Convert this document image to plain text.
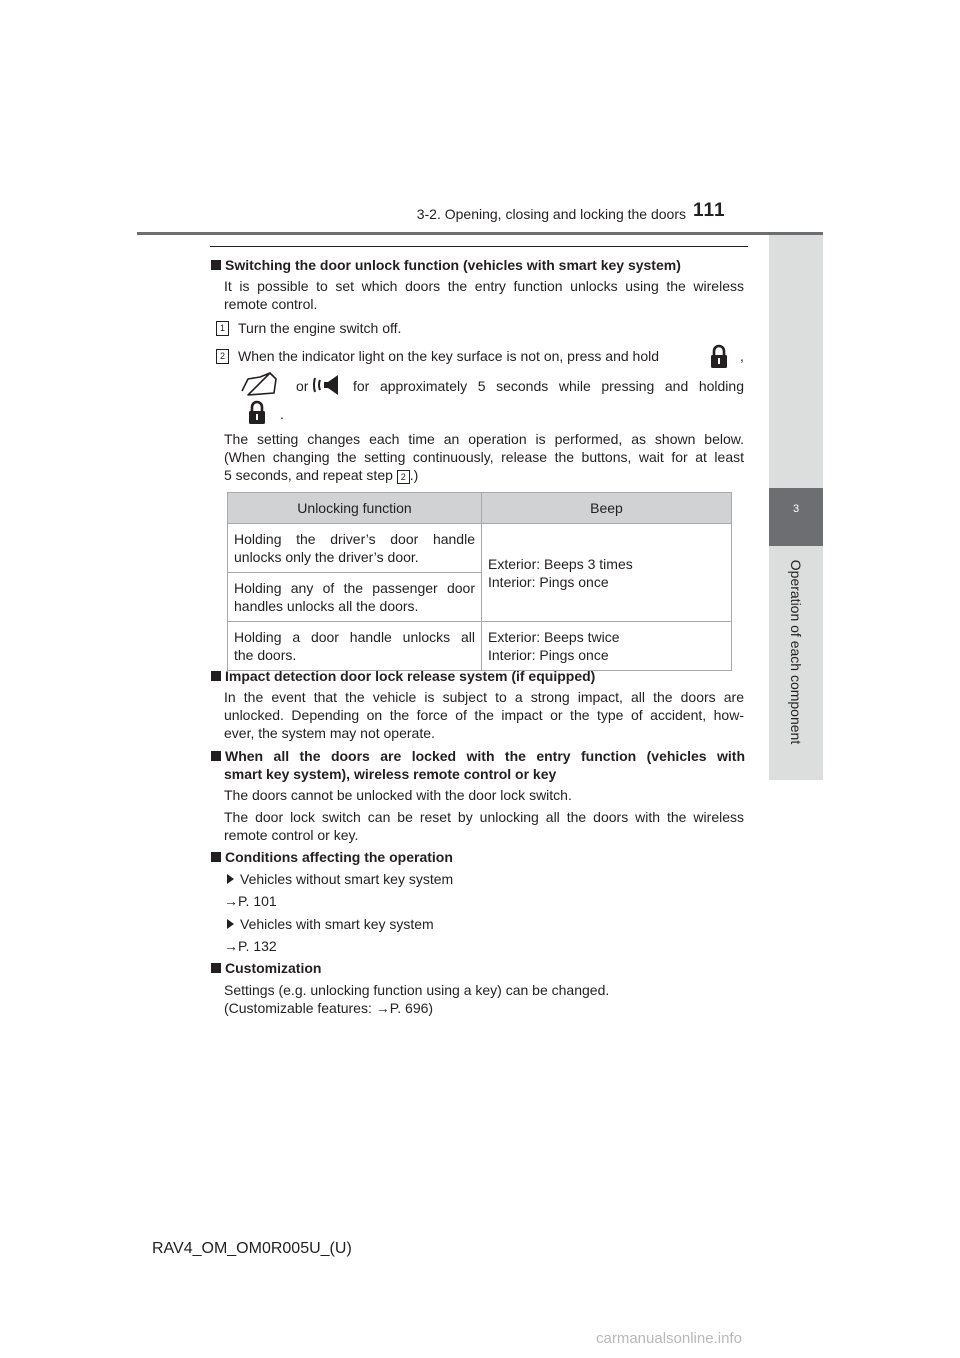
3-2. Opening, closing and locking the doors 111
3
Operation of each component
Switching the door unlock function (vehicles with smart key system)
It is possible to set which doors the entry function unlocks using the wireless
remote control.
1 Turn the engine switch off.
2 When the indicator light on the key surface is not on, press and hold	,
or	for approximately 5 seconds while pressing and holding
.
The setting changes each time an operation is performed, as shown below.
(When changing the setting continuously, release the buttons, wait for at least
5 seconds, and repeat step 2 .)
Unlocking function	Beep

Holding the driver’s door handle
unlocks only the driver’s door.	Exterior: Beeps 3 times
Interior: Pings once

Holding any of the passenger door
handles unlocks all the doors.	

Holding a door handle unlocks all
the doors.	Exterior: Beeps twice
Interior: Pings once
Impact detection door lock release system (if equipped)
In the event that the vehicle is subject to a strong impact, all the doors are
unlocked. Depending on the force of the impact or the type of accident, how-
ever, the system may not operate.
When all the doors are locked with the entry function (vehicles with
smart key system), wireless remote control or key
The doors cannot be unlocked with the door lock switch.
The door lock switch can be reset by unlocking all the doors with the wireless
remote control or key.
Conditions affecting the operation
Vehicles without smart key system
→P. 101
Vehicles with smart key system
→P. 132
Customization
Settings (e.g. unlocking function using a key) can be changed.
(Customizable features: →P. 696)
RAV4_OM_OM0R005U_(U)
carmanualsonline.info
